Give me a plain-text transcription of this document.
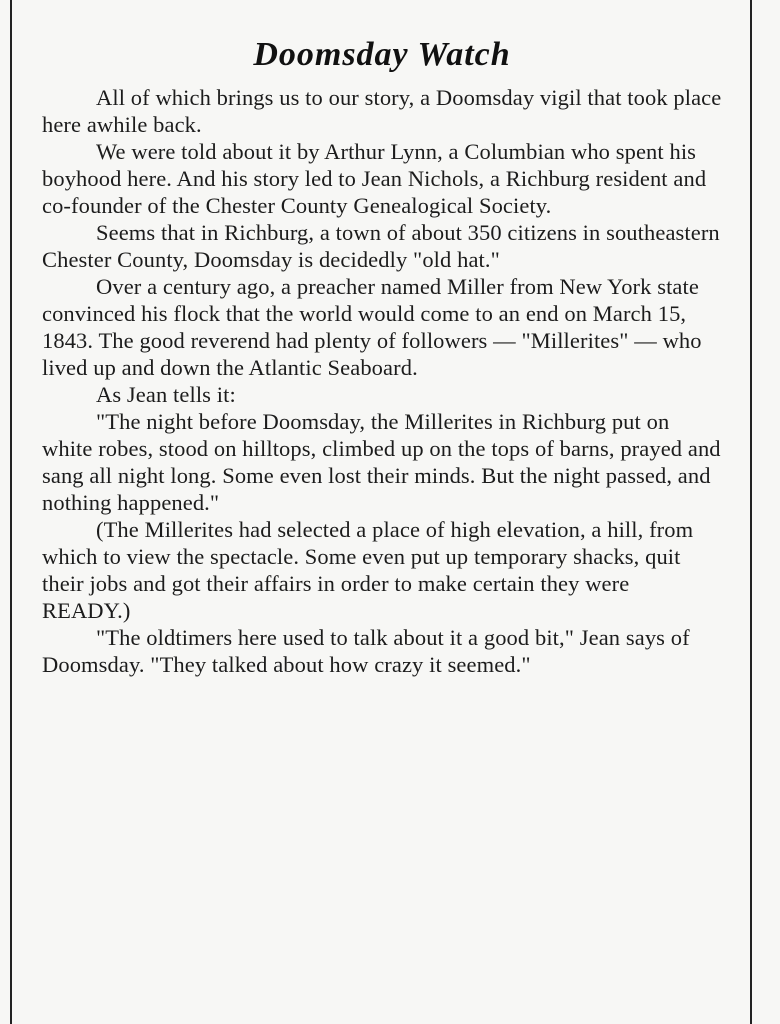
Doomsday Watch

All of which brings us to our story, a Doomsday vigil that took place here awhile back.

We were told about it by Arthur Lynn, a Columbian who spent his boyhood here. And his story led to Jean Nichols, a Richburg resident and co-founder of the Chester County Genealogical Society.

Seems that in Richburg, a town of about 350 citizens in southeastern Chester County, Doomsday is decidedly "old hat."

Over a century ago, a preacher named Miller from New York state convinced his flock that the world would come to an end on March 15, 1843. The good reverend had plenty of followers — "Millerites" — who lived up and down the Atlantic Seaboard.

As Jean tells it:

"The night before Doomsday, the Millerites in Richburg put on white robes, stood on hilltops, climbed up on the tops of barns, prayed and sang all night long. Some even lost their minds. But the night passed, and nothing happened."

(The Millerites had selected a place of high elevation, a hill, from which to view the spectacle. Some even put up temporary shacks, quit their jobs and got their affairs in order to make certain they were READY.)

"The oldtimers here used to talk about it a good bit," Jean says of Doomsday. "They talked about how crazy it seemed."
